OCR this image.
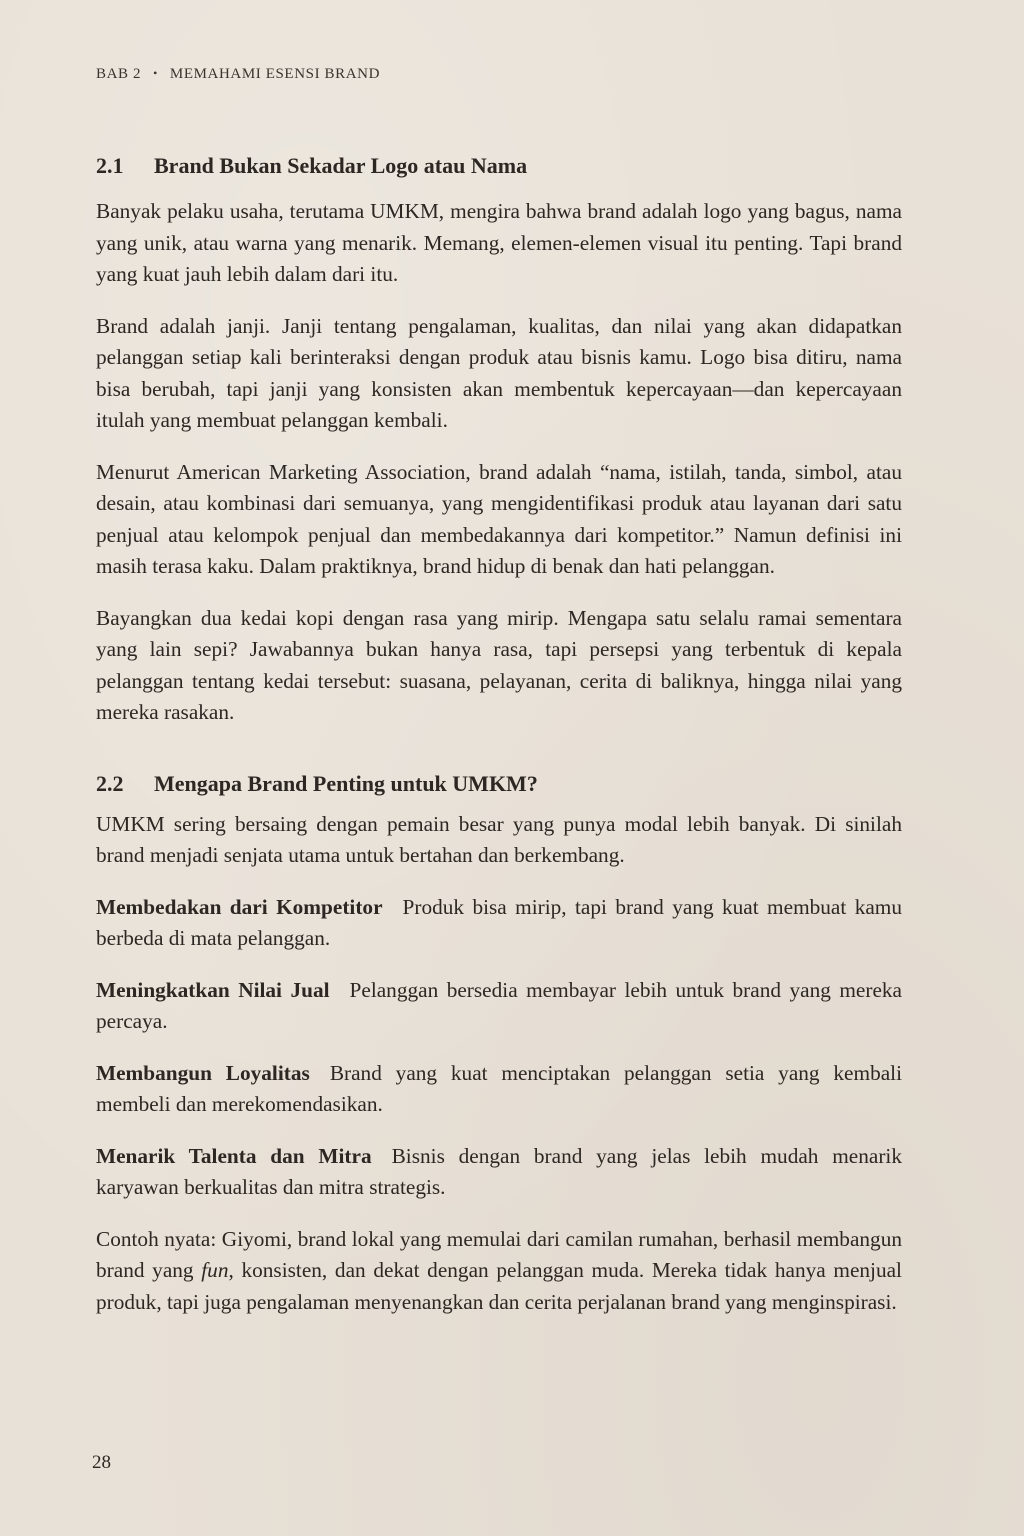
BAB 2 • MEMAHAMI ESENSI BRAND
2.1 Brand Bukan Sekadar Logo atau Nama

Banyak pelaku usaha, terutama UMKM, mengira bahwa brand adalah logo yang bagus, nama yang unik, atau warna yang menarik. Memang, elemen-elemen visual itu penting. Tapi brand yang kuat jauh lebih dalam dari itu.

Brand adalah janji. Janji tentang pengalaman, kualitas, dan nilai yang akan didapatkan pelanggan setiap kali berinteraksi dengan produk atau bisnis kamu. Logo bisa ditiru, nama bisa berubah, tapi janji yang konsisten akan membentuk kepercayaan—dan kepercayaan itulah yang membuat pelanggan kembali.

Menurut American Marketing Association, brand adalah “nama, istilah, tanda, simbol, atau desain, atau kombinasi dari semuanya, yang mengidentifikasi produk atau layanan dari satu penjual atau kelompok penjual dan membedakannya dari kompetitor.” Namun definisi ini masih terasa kaku. Dalam praktiknya, brand hidup di benak dan hati pelanggan.

Bayangkan dua kedai kopi dengan rasa yang mirip. Mengapa satu selalu ramai sementara yang lain sepi? Jawabannya bukan hanya rasa, tapi persepsi yang terbentuk di kepala pelanggan tentang kedai tersebut: suasana, pelayanan, cerita di baliknya, hingga nilai yang mereka rasakan.

2.2 Mengapa Brand Penting untuk UMKM?

UMKM sering bersaing dengan pemain besar yang punya modal lebih banyak. Di sinilah brand menjadi senjata utama untuk bertahan dan berkembang.

Membedakan dari Kompetitor Produk bisa mirip, tapi brand yang kuat membuat kamu berbeda di mata pelanggan.

Meningkatkan Nilai Jual Pelanggan bersedia membayar lebih untuk brand yang mereka percaya.

Membangun Loyalitas Brand yang kuat menciptakan pelanggan setia yang kembali membeli dan merekomendasikan.

Menarik Talenta dan Mitra Bisnis dengan brand yang jelas lebih mudah menarik karyawan berkualitas dan mitra strategis.

Contoh nyata: Giyomi, brand lokal yang memulai dari camilan rumahan, berhasil membangun brand yang fun, konsisten, dan dekat dengan pelanggan muda. Mereka tidak hanya menjual produk, tapi juga pengalaman menyenangkan dan cerita perjalanan brand yang menginspirasi.

28
